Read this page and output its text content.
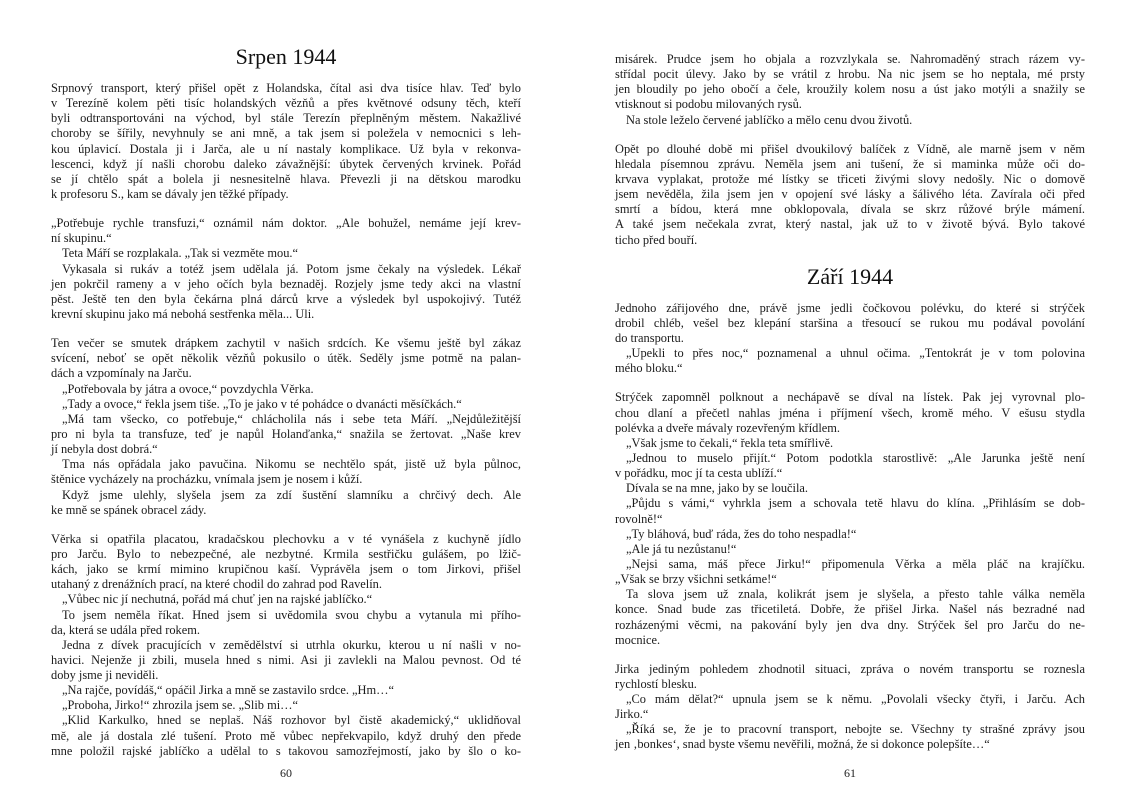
Srpen 1944
Srpnový transport, který přišel opět z Holandska, čítal asi dva tisíce hlav. Teď bylo
v Terezíně kolem pěti tisíc holandských vězňů a přes květnové odsuny těch, kteří
byli odtransportováni na východ, byl stále Terezín přeplněným městem. Nakažlivé
choroby se šířily, nevyhnuly se ani mně, a tak jsem si poležela v nemocnici s leh-
kou úplavicí. Dostala ji i Jarča, ale u ní nastaly komplikace. Už byla v rekonva-
lescenci, když jí našli chorobu daleko závažnější: úbytek červených krvinek. Pořád
se jí chtělo spát a bolela ji nesnesitelně hlava. Převezli ji na dětskou marodku
k profesoru S., kam se dávaly jen těžké případy.
„Potřebuje rychle transfuzi,“ oznámil nám doktor. „Ale bohužel, nemáme její krev-
ní skupinu.“
Teta Máří se rozplakala. „Tak si vezměte mou.“
Vykasala si rukáv a totéž jsem udělala já. Potom jsme čekaly na výsledek. Lékař
jen pokrčil rameny a v jeho očích byla beznaděj. Rozjely jsme tedy akci na vlastní
pěst. Ještě ten den byla čekárna plná dárců krve a výsledek byl uspokojivý. Tutéž
krevní skupinu jako má nebohá sestřenka měla... Uli.
Ten večer se smutek drápkem zachytil v našich srdcích. Ke všemu ještě byl zákaz
svícení, neboť se opět několik vězňů pokusilo o útěk. Seděly jsme potmě na palan-
dách a vzpomínaly na Jarču.
„Potřebovala by játra a ovoce,“ povzdychla Věrka.
„Tady a ovoce,“ řekla jsem tiše. „To je jako v té pohádce o dvanácti měsíčkách.“
„Má tam všecko, co potřebuje,“ chlácholila nás i sebe teta Máří. „Nejdůležitější
pro ni byla ta transfuze, teď je napůl Holanďanka,“ snažila se žertovat. „Naše krev
jí nebyla dost dobrá.“
Tma nás opřádala jako pavučina. Nikomu se nechtělo spát, jistě už byla půlnoc,
štěnice vycházely na procházku, vnímala jsem je nosem i kůží.
Když jsme ulehly, slyšela jsem za zdí šustění slamníku a chrčivý dech. Ale
ke mně se spánek obracel zády.
Věrka si opatřila placatou, kradačskou plechovku a v té vynášela z kuchyně jídlo
pro Jarču. Bylo to nebezpečné, ale nezbytné. Krmila sestřičku gulášem, po lžič-
kách, jako se krmí mimino krupičnou kaší. Vyprávěla jsem o tom Jirkovi, přišel
utahaný z drenážních prací, na které chodil do zahrad pod Ravelín.
„Vůbec nic jí nechutná, pořád má chuť jen na rajské jablíčko.“
To jsem neměla říkat. Hned jsem si uvědomila svou chybu a vytanula mi přího-
da, která se udála před rokem.
Jedna z dívek pracujících v zemědělství si utrhla okurku, kterou u ní našli v no-
havici. Nejenže ji zbili, musela hned s nimi. Asi ji zavlekli na Malou pevnost. Od té
doby jsme ji neviděli.
„Na rajče, povídáš,“ opáčil Jirka a mně se zastavilo srdce. „Hm…“
„Proboha, Jirko!“ zhrozila jsem se. „Slib mi…“
„Klid Karkulko, hned se neplaš. Náš rozhovor byl čistě akademický,“ uklidňoval
mě, ale já dostala zlé tušení. Proto mě vůbec nepřekvapilo, když druhý den přede
mne položil rajské jablíčko a udělal to s takovou samozřejmostí, jako by šlo o ko-
60
misárek. Prudce jsem ho objala a rozvzlykala se. Nahromaděný strach rázem vy-
střídal pocit úlevy. Jako by se vrátil z hrobu. Na nic jsem se ho neptala, mé prsty
jen bloudily po jeho obočí a čele, kroužily kolem nosu a úst jako motýli a snažily se
vtisknout si podobu milovaných rysů.
Na stole leželo červené jablíčko a mělo cenu dvou životů.
Opět po dlouhé době mi přišel dvoukilový balíček z Vídně, ale marně jsem v něm
hledala písemnou zprávu. Neměla jsem ani tušení, že si maminka může oči do-
krvava vyplakat, protože mé lístky se třiceti živými slovy nedošly. Nic o domově
jsem nevěděla, žila jsem jen v opojení své lásky a šálivého léta. Zavírala oči před
smrtí a bídou, která mne obklopovala, dívala se skrz růžové brýle mámení.
A také jsem nečekala zvrat, který nastal, jak už to v životě bývá. Bylo takové
ticho před bouří.
Září 1944
Jednoho zářijového dne, právě jsme jedli čočkovou polévku, do které si strýček
drobil chléb, vešel bez klepání staršina a třesoucí se rukou mu podával povolání
do transportu.
„Upekli to přes noc,“ poznamenal a uhnul očima. „Tentokrát je v tom polovina
mého bloku.“
Strýček zapomněl polknout a nechápavě se díval na lístek. Pak jej vyrovnal plo-
chou dlaní a přečetl nahlas jména i příjmení všech, kromě mého. V ešusu stydla
polévka a dveře mávaly rozevřeným křídlem.
„Však jsme to čekali,“ řekla teta smířlivě.
„Jednou to muselo přijít.“ Potom podotkla starostlivě: „Ale Jarunka ještě není
v pořádku, moc jí ta cesta ublíží.“
Dívala se na mne, jako by se loučila.
„Půjdu s vámi,“ vyhrkla jsem a schovala tetě hlavu do klína. „Přihlásím se dob-
rovolně!“
„Ty bláhová, buď ráda, žes do toho nespadla!“
„Ale já tu nezůstanu!“
„Nejsi sama, máš přece Jirku!“ připomenula Věrka a měla pláč na krajíčku.
„Však se brzy všichni setkáme!“
Ta slova jsem už znala, kolikrát jsem je slyšela, a přesto tahle válka neměla
konce. Snad bude zas třicetiletá. Dobře, že přišel Jirka. Našel nás bezradné nad
rozházenými věcmi, na pakování byly jen dva dny. Strýček šel pro Jarču do ne-
mocnice.
Jirka jediným pohledem zhodnotil situaci, zpráva o novém transportu se roznesla
rychlostí blesku.
„Co mám dělat?“ upnula jsem se k němu. „Povolali všecky čtyři, i Jarču. Ach
Jirko.“
„Říká se, že je to pracovní transport, nebojte se. Všechny ty strašné zprávy jsou
jen ‚bonkes‘, snad byste všemu nevěřili, možná, že si dokonce polepšíte…“
61
